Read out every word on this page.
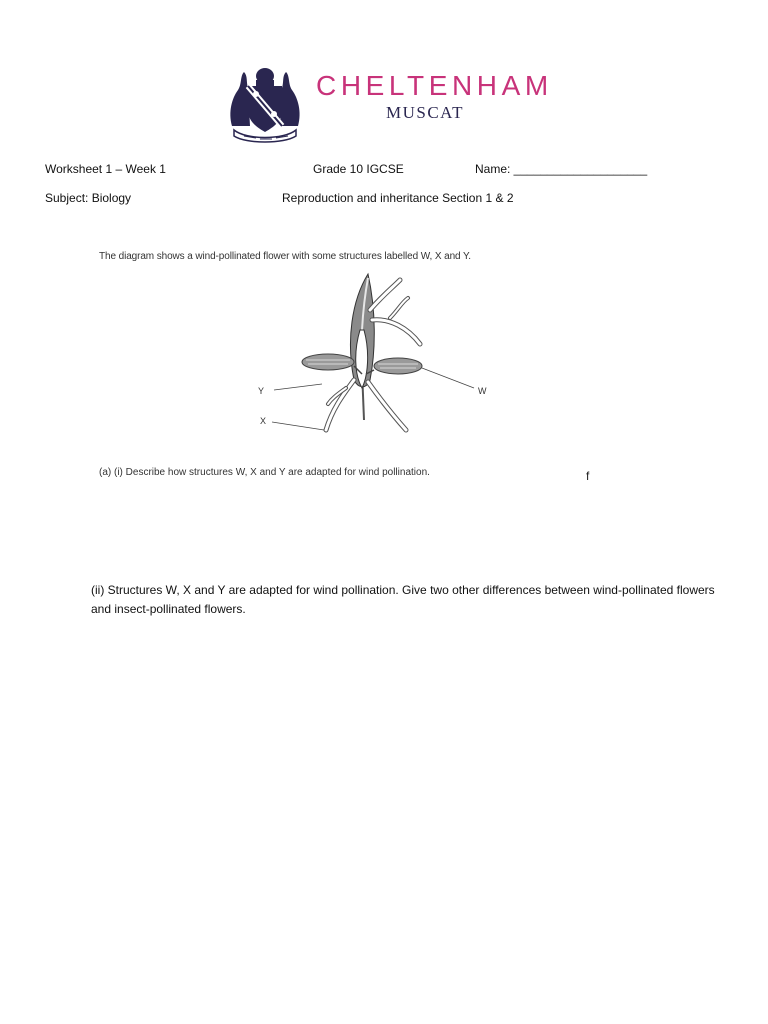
CHELTENHAM
MUSCAT
Worksheet 1 – Week 1	Grade 10 IGCSE	Name: ____________________
Subject: Biology	Reproduction and inheritance Section 1 & 2
The diagram shows a wind-pollinated flower with some structures labelled W, X and Y.
Y
X
W
(a) (i) Describe how structures W, X and Y are adapted for wind pollination.	f
(ii) Structures W, X and Y are adapted for wind pollination. Give two other differences between wind-pollinated flowers and insect-pollinated flowers.
